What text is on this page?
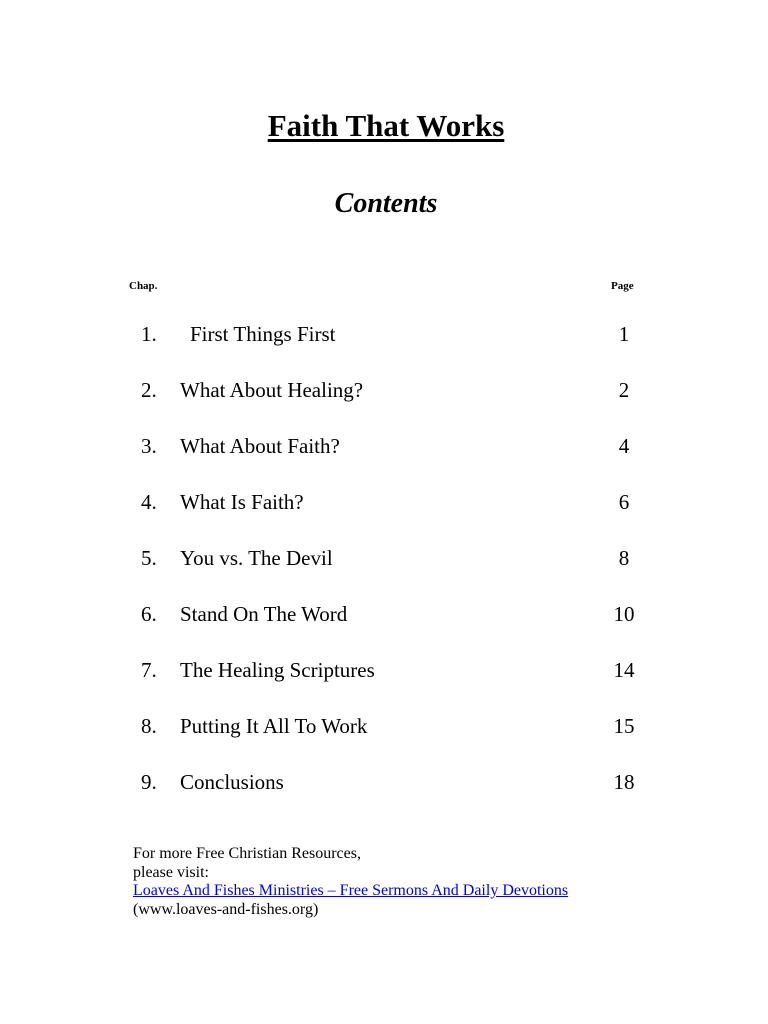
Faith That Works
Contents
Chap.	Page
1. First Things First	1
2. What About Healing?	2
3. What About Faith?	4
4. What Is Faith?	6
5. You vs. The Devil	8
6. Stand On The Word	10
7. The Healing Scriptures	14
8. Putting It All To Work	15
9. Conclusions	18
For more Free Christian Resources,
please visit:
Loaves And Fishes Ministries – Free Sermons And Daily Devotions
(www.loaves-and-fishes.org)
